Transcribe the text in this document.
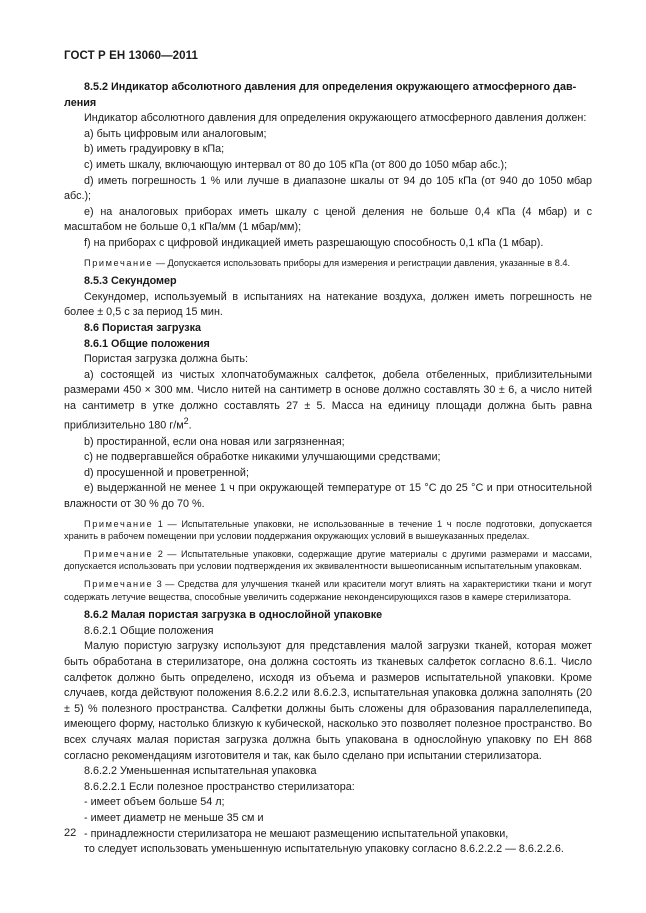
ГОСТ Р ЕН 13060—2011

8.5.2 Индикатор абсолютного давления для определения окружающего атмосферного дав-
ления

Индикатор абсолютного давления для определения окружающего атмосферного давления должен:

a) быть цифровым или аналоговым;

b) иметь градуировку в кПа;

c) иметь шкалу, включающую интервал от 80 до 105 кПа (от 800 до 1050 мбар абс.);

d) иметь погрешность 1 % или лучше в диапазоне шкалы от 94 до 105 кПа (от 940 до 1050 мбар абс.);

e) на аналоговых приборах иметь шкалу с ценой деления не больше 0,4 кПа (4 мбар) и с масштабом не больше 0,1 кПа/мм (1 мбар/мм);

f) на приборах с цифровой индикацией иметь разрешающую способность 0,1 кПа (1 мбар).

Примечание — Допускается использовать приборы для измерения и регистрации давления, указанные в 8.4.

8.5.3 Секундомер

Секундомер, используемый в испытаниях на натекание воздуха, должен иметь погрешность не более ± 0,5 с за период 15 мин.

8.6 Пористая загрузка

8.6.1 Общие положения

Пористая загрузка должна быть:

a) состоящей из чистых хлопчатобумажных салфеток, добела отбеленных, приблизительными размерами 450 × 300 мм. Число нитей на сантиметр в основе должно составлять 30 ± 6, а число нитей на сантиметр в утке должно составлять 27 ± 5. Масса на единицу площади должна быть равна приблизительно 180 $г/м^2$.

b) простиранной, если она новая или загрязненная;

c) не подвергавшейся обработке никакими улучшающими средствами;

d) просушенной и проветренной;

e) выдержанной не менее 1 ч при окружающей температуре от 15 °С до 25 °С и при относительной влажности от 30 % до 70 %.

Примечание 1 — Испытательные упаковки, не использованные в течение 1 ч после подготовки, допускается хранить в рабочем помещении при условии поддержания окружающих условий в вышеуказанных пределах.

Примечание 2 — Испытательные упаковки, содержащие другие материалы с другими размерами и массами, допускается использовать при условии подтверждения их эквивалентности вышеописанным испытательным упаковкам.

Примечание 3 — Средства для улучшения тканей или красители могут влиять на характеристики ткани и могут содержать летучие вещества, способные увеличить содержание неконденсирующихся газов в камере стерилизатора.

8.6.2 Малая пористая загрузка в однослойной упаковке

8.6.2.1 Общие положения

Малую пористую загрузку используют для представления малой загрузки тканей, которая может быть обработана в стерилизаторе, она должна состоять из тканевых салфеток согласно 8.6.1. Число салфеток должно быть определено, исходя из объема и размеров испытательной упаковки. Кроме случаев, когда действуют положения 8.6.2.2 или 8.6.2.3, испытательная упаковка должна заполнять (20 ± 5) % полезного пространства. Салфетки должны быть сложены для образования параллелепипеда, имеющего форму, настолько близкую к кубической, насколько это позволяет полезное пространство. Во всех случаях малая пористая загрузка должна быть упакована в однослойную упаковку по ЕН 868 согласно рекомендациям изготовителя и так, как было сделано при испытании стерилизатора.

8.6.2.2 Уменьшенная испытательная упаковка

8.6.2.2.1 Если полезное пространство стерилизатора:

- имеет объем больше 54 л;

- имеет диаметр не меньше 35 см и

- принадлежности стерилизатора не мешают размещению испытательной упаковки,

то следует использовать уменьшенную испытательную упаковку согласно 8.6.2.2.2 — 8.6.2.2.6.

22
